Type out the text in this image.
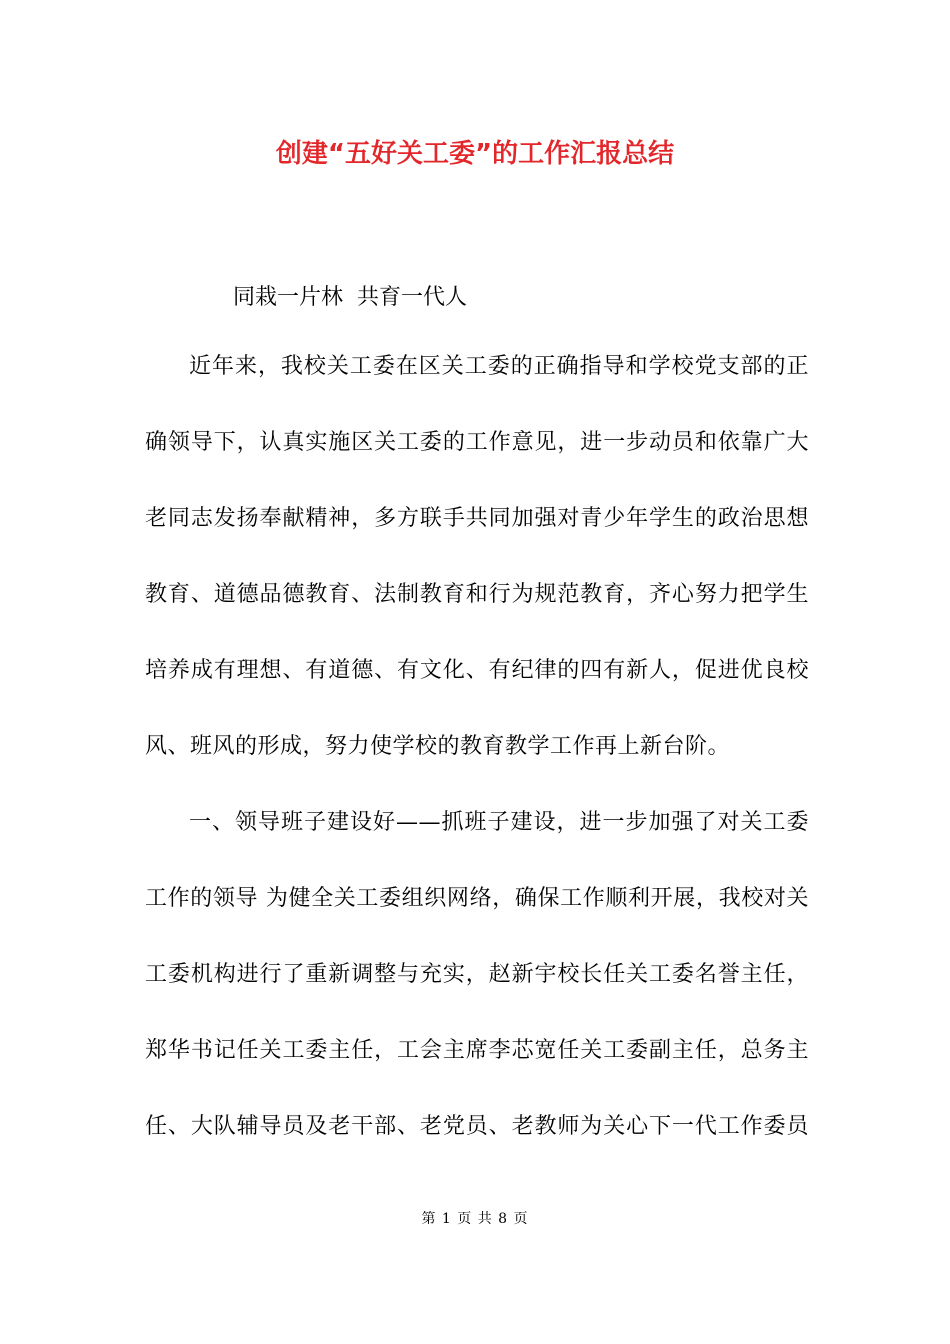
创建“五好关工委”的工作汇报总结
同栽一片林  共育一代人
近年来，我校关工委在区关工委的正确指导和学校党支部的正
确领导下，认真实施区关工委的工作意见，进一步动员和依靠广大
老同志发扬奉献精神，多方联手共同加强对青少年学生的政治思想
教育、道德品德教育、法制教育和行为规范教育，齐心努力把学生
培养成有理想、有道德、有文化、有纪律的四有新人，促进优良校
风、班风的形成，努力使学校的教育教学工作再上新台阶。
一、领导班子建设好——抓班子建设，进一步加强了对关工委
工作的领导 为健全关工委组织网络，确保工作顺利开展，我校对关
工委机构进行了重新调整与充实，赵新宇校长任关工委名誉主任，
郑华书记任关工委主任，工会主席李芯宽任关工委副主任，总务主
任、大队辅导员及老干部、老党员、老教师为关心下一代工作委员
第 1 页 共 8 页
